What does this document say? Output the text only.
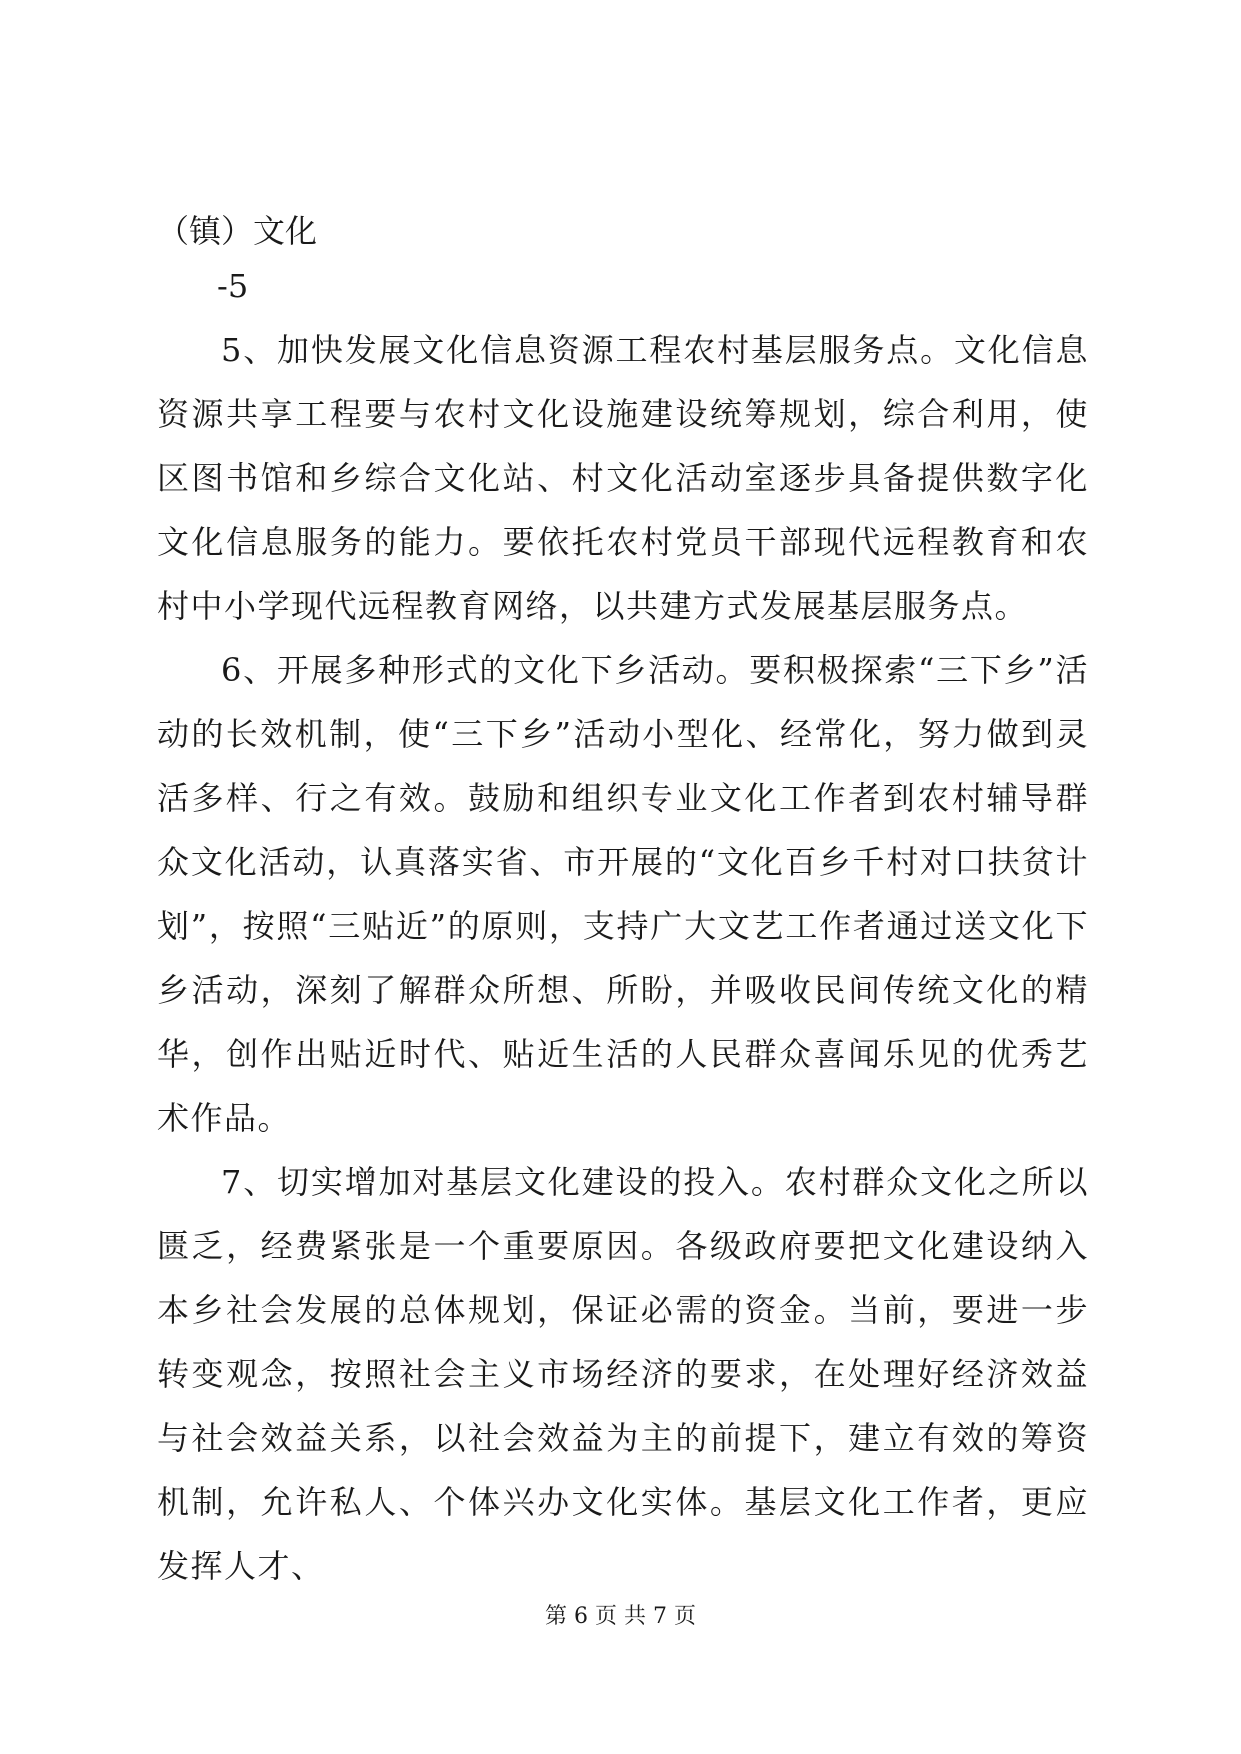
（镇）文化
-5

5、加快发展文化信息资源工程农村基层服务点。文化信息资源共享工程要与农村文化设施建设统筹规划，综合利用，使区图书馆和乡综合文化站、村文化活动室逐步具备提供数字化文化信息服务的能力。要依托农村党员干部现代远程教育和农村中小学现代远程教育网络，以共建方式发展基层服务点。

6、开展多种形式的文化下乡活动。要积极探索“三下乡”活动的长效机制，使“三下乡”活动小型化、经常化，努力做到灵活多样、行之有效。鼓励和组织专业文化工作者到农村辅导群众文化活动，认真落实省、市开展的“文化百乡千村对口扶贫计划”，按照“三贴近”的原则，支持广大文艺工作者通过送文化下乡活动，深刻了解群众所想、所盼，并吸收民间传统文化的精华，创作出贴近时代、贴近生活的人民群众喜闻乐见的优秀艺术作品。

7、切实增加对基层文化建设的投入。农村群众文化之所以匮乏，经费紧张是一个重要原因。各级政府要把文化建设纳入本乡社会发展的总体规划，保证必需的资金。当前，要进一步转变观念，按照社会主义市场经济的要求，在处理好经济效益与社会效益关系，以社会效益为主的前提下，建立有效的筹资机制，允许私人、个体兴办文化实体。基层文化工作者，更应发挥人才、

第 6 页 共 7 页
